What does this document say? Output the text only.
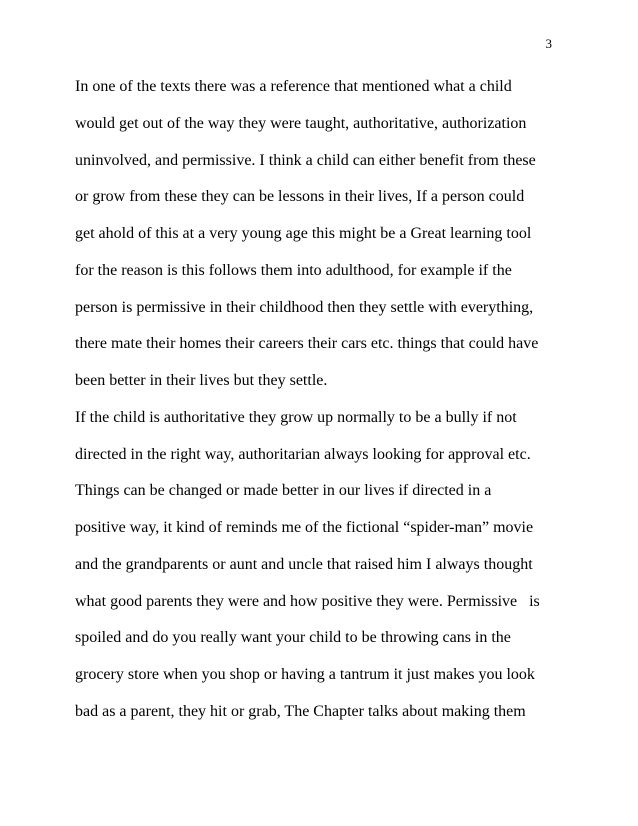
3
In one of the texts there was a reference that mentioned what a child
would get out of the way they were taught, authoritative, authorization
uninvolved, and permissive. I think a child can either benefit from these
or grow from these they can be lessons in their lives, If a person could
get ahold of this at a very young age this might be a Great learning tool
for the reason is this follows them into adulthood, for example if the
person is permissive in their childhood then they settle with everything,
there mate their homes their careers their cars etc. things that could have
been better in their lives but they settle.
If the child is authoritative they grow up normally to be a bully if not
directed in the right way, authoritarian always looking for approval etc.
Things can be changed or made better in our lives if directed in a
positive way, it kind of reminds me of the fictional “spider-man” movie
and the grandparents or aunt and uncle that raised him I always thought
what good parents they were and how positive they were. Permissive   is
spoiled and do you really want your child to be throwing cans in the
grocery store when you shop or having a tantrum it just makes you look
bad as a parent, they hit or grab, The Chapter talks about making them
